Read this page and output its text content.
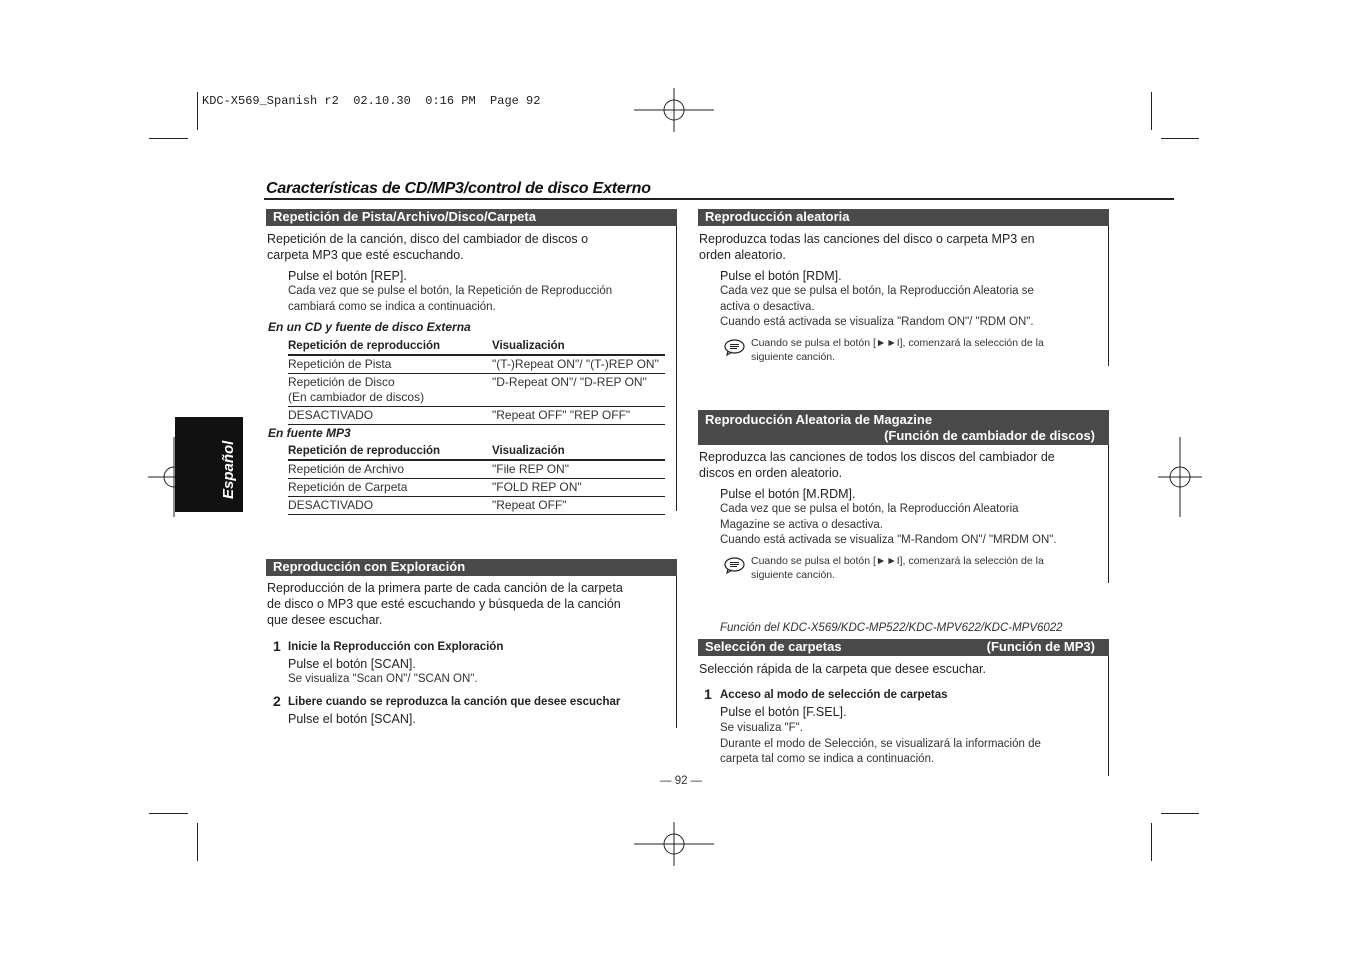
KDC-X569_Spanish r2  02.10.30  0:16 PM  Page 92
Características de CD/MP3/control de disco Externo
Español
Repetición de Pista/Archivo/Disco/Carpeta
Repetición de la canción, disco del cambiador de discos o
carpeta MP3 que esté escuchando.
Pulse el botón [REP].
Cada vez que se pulse el botón, la Repetición de Reproducción
cambiará como se indica a continuación.
En un CD y fuente de disco Externa
Repetición de reproducción	Visualización
Repetición de Pista	"(T-)Repeat ON"/ "(T-)REP ON"

Repetición de Disco
(En cambiador de discos)	"D-Repeat ON"/ "D-REP ON"
DESACTIVADO	"Repeat OFF" "REP OFF"
En fuente MP3
Repetición de reproducción	Visualización
Repetición de Archivo	"File REP ON"
Repetición de Carpeta	"FOLD REP ON"
DESACTIVADO	"Repeat OFF"
Reproducción con Exploración
Reproducción de la primera parte de cada canción de la carpeta
de disco o MP3 que esté escuchando y búsqueda de la canción
que desee escuchar.
1 Inicie la Reproducción con Exploración
Pulse el botón [SCAN].
Se visualiza "Scan ON"/ "SCAN ON".
2 Libere cuando se reproduzca la canción que desee escuchar
Pulse el botón [SCAN].
Reproducción aleatoria
Reproduzca todas las canciones del disco o carpeta MP3 en
orden aleatorio.
Pulse el botón [RDM].
Cada vez que se pulsa el botón, la Reproducción Aleatoria se
activa o desactiva.
Cuando está activada se visualiza "Random ON"/ "RDM ON".
Cuando se pulsa el botón [►►I], comenzará la selección de la
siguiente canción.
Reproducción Aleatoria de Magazine
(Función de cambiador de discos)
Reproduzca las canciones de todos los discos del cambiador de
discos en orden aleatorio.
Pulse el botón [M.RDM].
Cada vez que se pulsa el botón, la Reproducción Aleatoria
Magazine se activa o desactiva.
Cuando está activada se visualiza "M-Random ON"/ "MRDM ON".
Cuando se pulsa el botón [►►I], comenzará la selección de la
siguiente canción.
Función del KDC-X569/KDC-MP522/KDC-MPV622/KDC-MPV6022
Selección de carpetas	(Función de MP3)
Selección rápida de la carpeta que desee escuchar.
1 Acceso al modo de selección de carpetas
Pulse el botón [F.SEL].
Se visualiza "F".
Durante el modo de Selección, se visualizará la información de
carpeta tal como se indica a continuación.
— 92 —
